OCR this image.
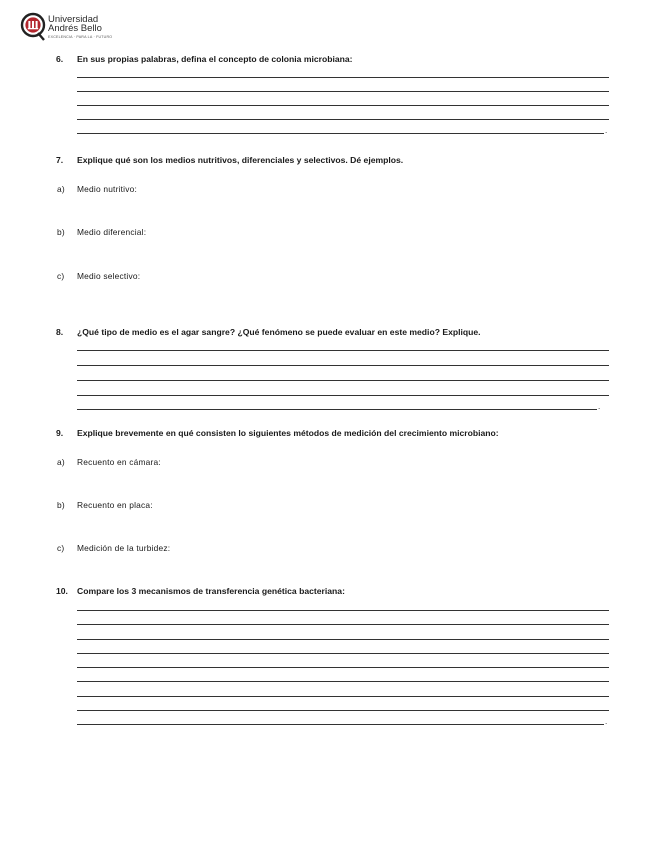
Universidad
Andrés Bello
EXCELENCIA · PARA LA · FUTURO
6. En sus propias palabras, defina el concepto de colonia microbiana:
.
7. Explique qué son los medios nutritivos, diferenciales y selectivos. Dé ejemplos.
a) Medio nutritivo:
b) Medio diferencial:
c) Medio selectivo:
8. ¿Qué tipo de medio es el agar sangre? ¿Qué fenómeno se puede evaluar en este medio? Explique.
.
9. Explique brevemente en qué consisten lo siguientes métodos de medición del crecimiento microbiano:
a) Recuento en cámara:
b) Recuento en placa:
c) Medición de la turbidez:
10. Compare los 3 mecanismos de transferencia genética bacteriana:
.
